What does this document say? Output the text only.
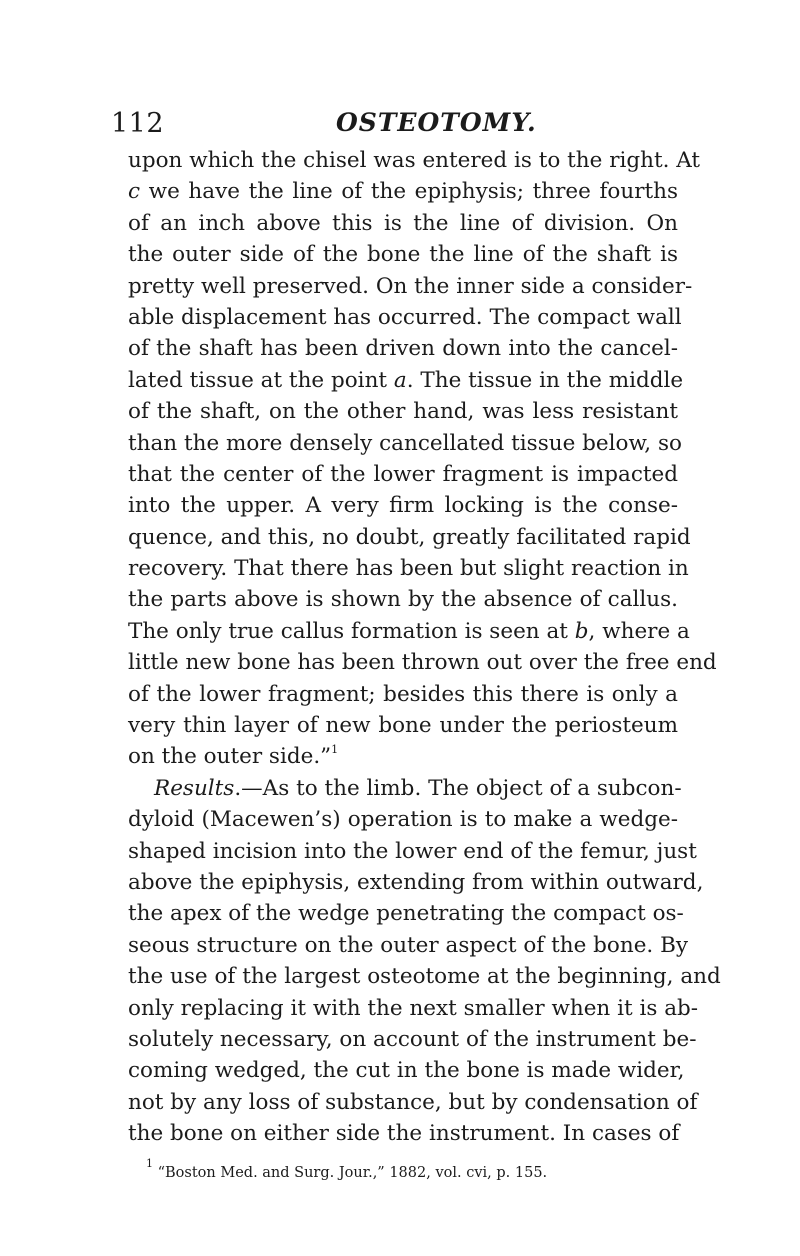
112	OSTEOTOMY.
upon which the chisel was entered is to the right. At
c we have the line of the epiphysis; three fourths
of an inch above this is the line of division. On
the outer side of the bone the line of the shaft is
pretty well preserved. On the inner side a consider-
able displacement has occurred. The compact wall
of the shaft has been driven down into the cancel-
lated tissue at the point a. The tissue in the middle
of the shaft, on the other hand, was less resistant
than the more densely cancellated tissue below, so
that the center of the lower fragment is impacted
into the upper. A very firm locking is the conse-
quence, and this, no doubt, greatly facilitated rapid
recovery. That there has been but slight reaction in
the parts above is shown by the absence of callus.
The only true callus formation is seen at b, where a
little new bone has been thrown out over the free end
of the lower fragment; besides this there is only a
very thin layer of new bone under the periosteum
on the outer side.”$^1$
Results.—As to the limb. The object of a subcon-
dyloid (Macewen’s) operation is to make a wedge-
shaped incision into the lower end of the femur, just
above the epiphysis, extending from within outward,
the apex of the wedge penetrating the compact os-
seous structure on the outer aspect of the bone. By
the use of the largest osteotome at the beginning, and
only replacing it with the next smaller when it is ab-
solutely necessary, on account of the instrument be-
coming wedged, the cut in the bone is made wider,
not by any loss of substance, but by condensation of
the bone on either side the instrument. In cases of
$^1$ “Boston Med. and Surg. Jour.,” 1882, vol. cvi, p. 155.
